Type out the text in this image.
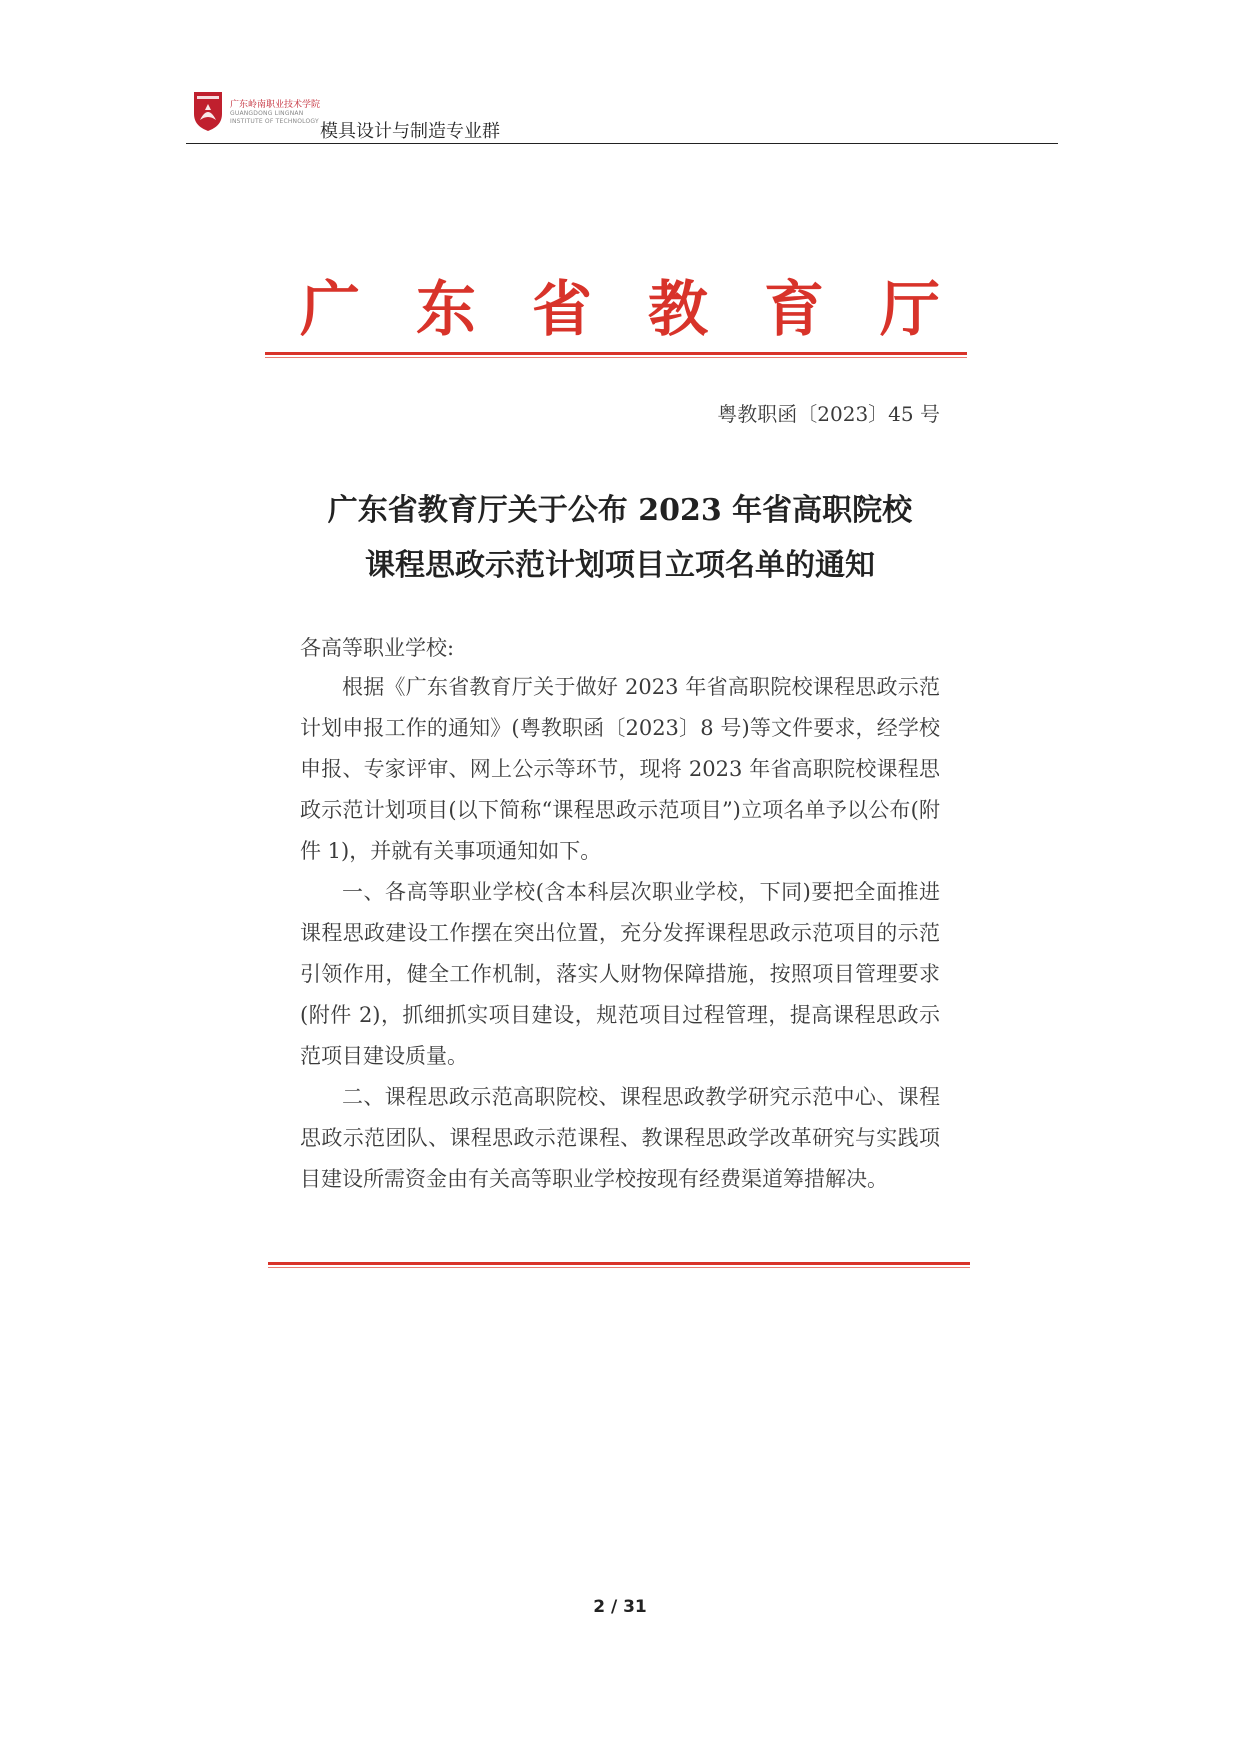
广东岭南职业技术学院
GUANGDONG LINGNAN
INSTITUTE OF TECHNOLOGY 模具设计与制造专业群
广 东 省 教 育 厅
粤教职函〔2023〕45 号
广东省教育厅关于公布 2023 年省高职院校
课程思政示范计划项目立项名单的通知
各高等职业学校:

根据《广东省教育厅关于做好 2023 年省高职院校课程思政示范计划申报工作的通知》(粤教职函〔2023〕8 号)等文件要求，经学校申报、专家评审、网上公示等环节，现将 2023 年省高职院校课程思政示范计划项目(以下简称“课程思政示范项目”)立项名单予以公布(附件 1)，并就有关事项通知如下。

一、各高等职业学校(含本科层次职业学校，下同)要把全面推进课程思政建设工作摆在突出位置，充分发挥课程思政示范项目的示范引领作用，健全工作机制，落实人财物保障措施，按照项目管理要求(附件 2)，抓细抓实项目建设，规范项目过程管理，提高课程思政示范项目建设质量。

二、课程思政示范高职院校、课程思政教学研究示范中心、课程思政示范团队、课程思政示范课程、教课程思政学改革研究与实践项目建设所需资金由有关高等职业学校按现有经费渠道筹措解决。

2 / 31
